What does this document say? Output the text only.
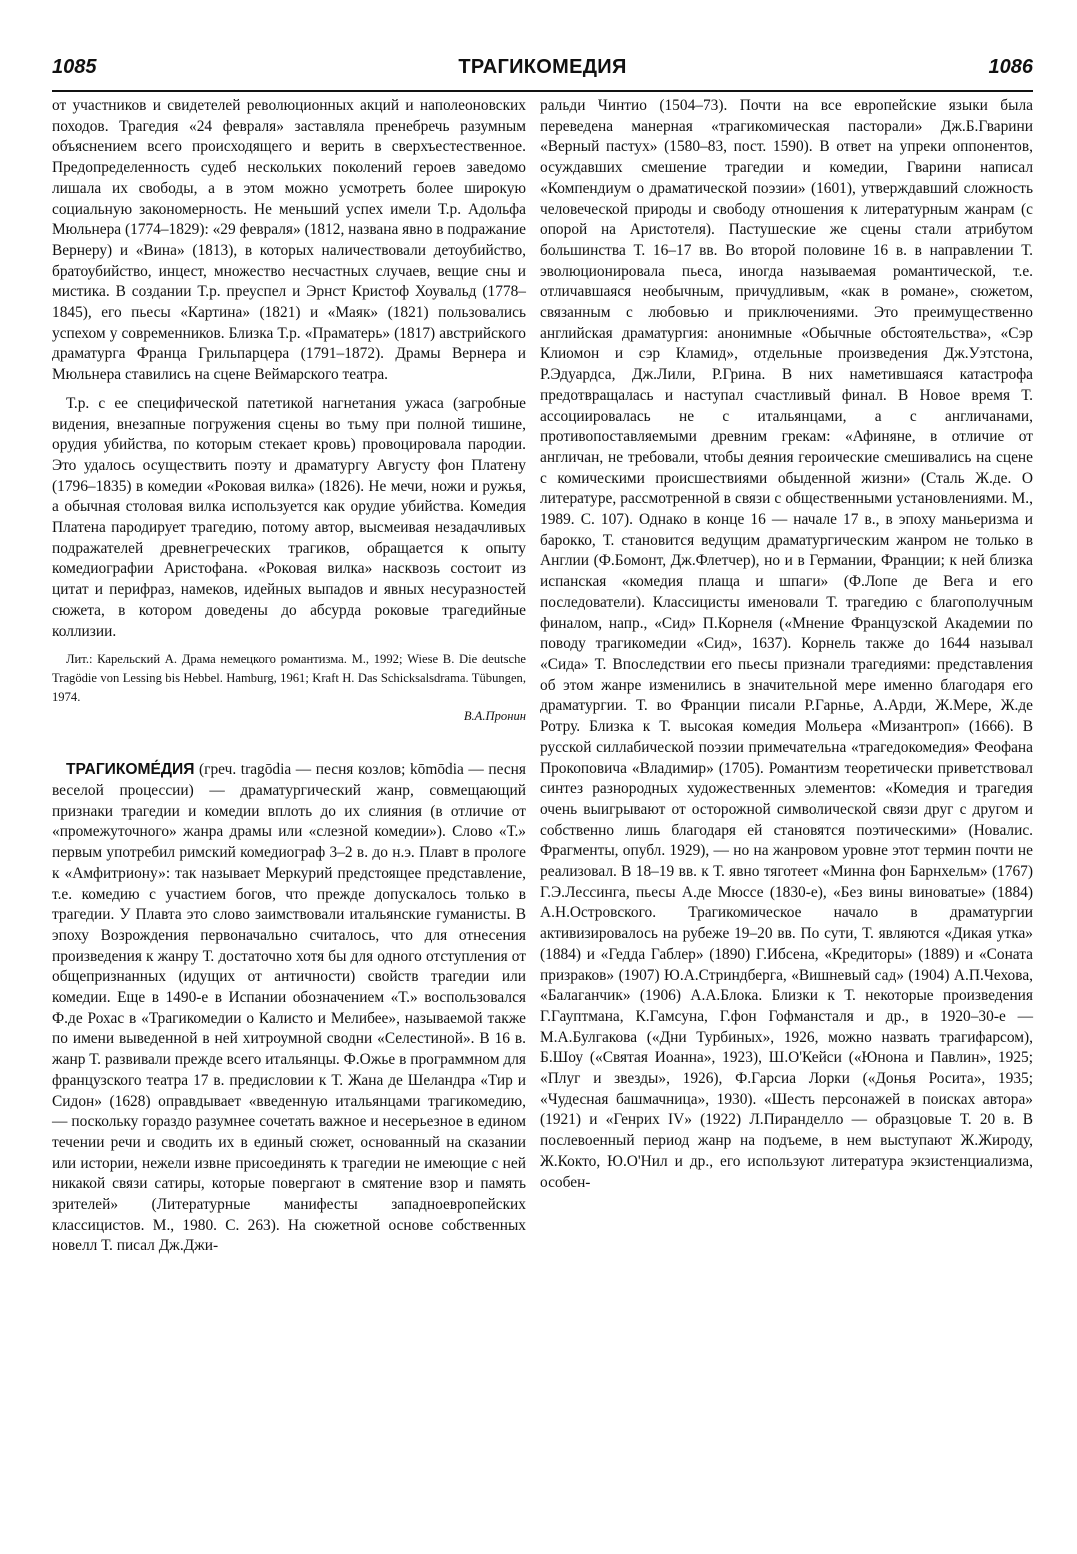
1085	ТРАГИКОМЕДИЯ	1086

от участников и свидетелей революционных акций и наполеоновских походов. Трагедия «24 февраля» заставляла пренебречь разумным объяснением всего происходящего и верить в сверхъестественное. Предопределенность судеб нескольких поколений героев заведомо лишала их свободы, а в этом можно усмотреть более широкую социальную закономерность. Не меньший успех имели Т.р. Адольфа Мюльнера (1774–1829): «29 февраля» (1812, названа явно в подражание Вернеру) и «Вина» (1813), в которых наличествовали детоубийство, братоубийство, инцест, множество несчастных случаев, вещие сны и мистика. В создании Т.р. преуспел и Эрнст Кристоф Хоувальд (1778–1845), его пьесы «Картина» (1821) и «Маяк» (1821) пользовались успехом у современников. Близка Т.р. «Праматерь» (1817) австрийского драматурга Франца Грильпарцера (1791–1872). Драмы Вернера и Мюльнера ставились на сцене Веймарского театра.

Т.р. с ее специфической патетикой нагнетания ужаса (загробные видения, внезапные погружения сцены во тьму при полной тишине, орудия убийства, по которым стекает кровь) провоцировала пародии. Это удалось осуществить поэту и драматургу Августу фон Платену (1796–1835) в комедии «Роковая вилка» (1826). Не мечи, ножи и ружья, а обычная столовая вилка используется как орудие убийства. Комедия Платена пародирует трагедию, потому автор, высмеивая незадачливых подражателей древнегреческих трагиков, обращается к опыту комедиографии Аристофана. «Роковая вилка» насквозь состоит из цитат и перифраз, намеков, идейных выпадов и явных несуразностей сюжета, в котором доведены до абсурда роковые трагедийные коллизии.

Лит.: Карельский А. Драма немецкого романтизма. М., 1992; Wiese B. Die deutsche Tragödie von Lessing bis Hebbel. Hamburg, 1961; Kraft H. Das Schicksalsdrama. Tübungen, 1974.
В.А.Пронин

ТРАГИКОМЕ́ДИЯ (греч. tragōdia — песня козлов; kōmōdia — песня веселой процессии) — драматургический жанр, совмещающий признаки трагедии и комедии вплоть до их слияния (в отличие от «промежуточного» жанра драмы или «слезной комедии»). Слово «Т.» первым употребил римский комедиограф 3–2 в. до н.э. Плавт в прологе к «Амфитриону»: так называет Меркурий предстоящее представление, т.е. комедию с участием богов, что прежде допускалось только в трагедии. У Плавта это слово заимствовали итальянские гуманисты. В эпоху Возрождения первоначально считалось, что для отнесения произведения к жанру Т. достаточно хотя бы для одного отступления от общепризнанных (идущих от античности) свойств трагедии или комедии. Еще в 1490-е в Испании обозначением «Т.» воспользовался Ф.де Рохас в «Трагикомедии о Калисто и Мелибее», называемой также по имени выведенной в ней хитроумной сводни «Селестиной». В 16 в. жанр Т. развивали прежде всего итальянцы. Ф.Ожье в программном для французского театра 17 в. предисловии к Т. Жана де Шеландра «Тир и Сидон» (1628) оправдывает «введенную итальянцами трагикомедию, — поскольку гораздо разумнее сочетать важное и несерьезное в едином течении речи и сводить их в единый сюжет, основанный на сказании или истории, нежели извне присоединять к трагедии не имеющие с ней никакой связи сатиры, которые повергают в смятение взор и память зрителей» (Литературные манифесты западноевропейских классицистов. М., 1980. С. 263). На сюжетной основе собственных новелл Т. писал Дж.Джи-

ральди Чинтио (1504–73). Почти на все европейские языки была переведена манерная «трагикомическая пасторали» Дж.Б.Гварини «Верный пастух» (1580–83, пост. 1590). В ответ на упреки оппонентов, осуждавших смешение трагедии и комедии, Гварини написал «Компендиум о драматической поэзии» (1601), утверждавший сложность человеческой природы и свободу отношения к литературным жанрам (с опорой на Аристотеля). Пастушеские же сцены стали атрибутом большинства Т. 16–17 вв. Во второй половине 16 в. в направлении Т. эволюционировала пьеса, иногда называемая романтической, т.е. отличавшаяся необычным, причудливым, «как в романе», сюжетом, связанным с любовью и приключениями. Это преимущественно английская драматургия: анонимные «Обычные обстоятельства», «Сэр Клиомон и сэр Кламид», отдельные произведения Дж.Уэтстона, Р.Эдуардса, Дж.Лили, Р.Грина. В них наметившаяся катастрофа предотвращалась и наступал счастливый финал. В Новое время Т. ассоциировалась не с итальянцами, а с англичанами, противопоставляемыми древним грекам: «Афиняне, в отличие от англичан, не требовали, чтобы деяния героические смешивались на сцене с комическими происшествиями обыденной жизни» (Сталь Ж.де. О литературе, рассмотренной в связи с общественными установлениями. М., 1989. С. 107). Однако в конце 16 — начале 17 в., в эпоху маньеризма и барокко, Т. становится ведущим драматургическим жанром не только в Англии (Ф.Бомонт, Дж.Флетчер), но и в Германии, Франции; к ней близка испанская «комедия плаща и шпаги» (Ф.Лопе де Вега и его последователи). Классицисты именовали Т. трагедию с благополучным финалом, напр., «Сид» П.Корнеля («Мнение Французской Академии по поводу трагикомедии «Сид», 1637). Корнель также до 1644 называл «Сида» Т. Впоследствии его пьесы признали трагедиями: представления об этом жанре изменились в значительной мере именно благодаря его драматургии. Т. во Франции писали Р.Гарнье, А.Арди, Ж.Мере, Ж.де Ротру. Близка к Т. высокая комедия Мольера «Мизантроп» (1666). В русской силлабической поэзии примечательна «трагедокомедия» Феофана Прокоповича «Владимир» (1705). Романтизм теоретически приветствовал синтез разнородных художественных элементов: «Комедия и трагедия очень выигрывают от осторожной символической связи друг с другом и собственно лишь благодаря ей становятся поэтическими» (Новалис. Фрагменты, опубл. 1929), — но на жанровом уровне этот термин почти не реализовал. В 18–19 вв. к Т. явно тяготеет «Минна фон Барнхельм» (1767) Г.Э.Лессинга, пьесы А.де Мюссе (1830-е), «Без вины виноватые» (1884) А.Н.Островского. Трагикомическое начало в драматургии активизировалось на рубеже 19–20 вв. По сути, Т. являются «Дикая утка» (1884) и «Гедда Габлер» (1890) Г.Ибсена, «Кредиторы» (1889) и «Соната призраков» (1907) Ю.А.Стриндберга, «Вишневый сад» (1904) А.П.Чехова, «Балаганчик» (1906) А.А.Блока. Близки к Т. некоторые произведения Г.Гауптмана, К.Гамсуна, Г.фон Гофмансталя и др., в 1920–30-е — М.А.Булгакова («Дни Турбиных», 1926, можно назвать трагифарсом), Б.Шоу («Святая Иоанна», 1923), Ш.О'Кейси («Юнона и Павлин», 1925; «Плуг и звезды», 1926), Ф.Гарсиа Лорки («Донья Росита», 1935; «Чудесная башмачница», 1930). «Шесть персонажей в поисках автора» (1921) и «Генрих IV» (1922) Л.Пиранделло — образцовые Т. 20 в. В послевоенный период жанр на подъеме, в нем выступают Ж.Жироду, Ж.Кокто, Ю.О'Нил и др., его используют литература экзистенциализма, особен-
